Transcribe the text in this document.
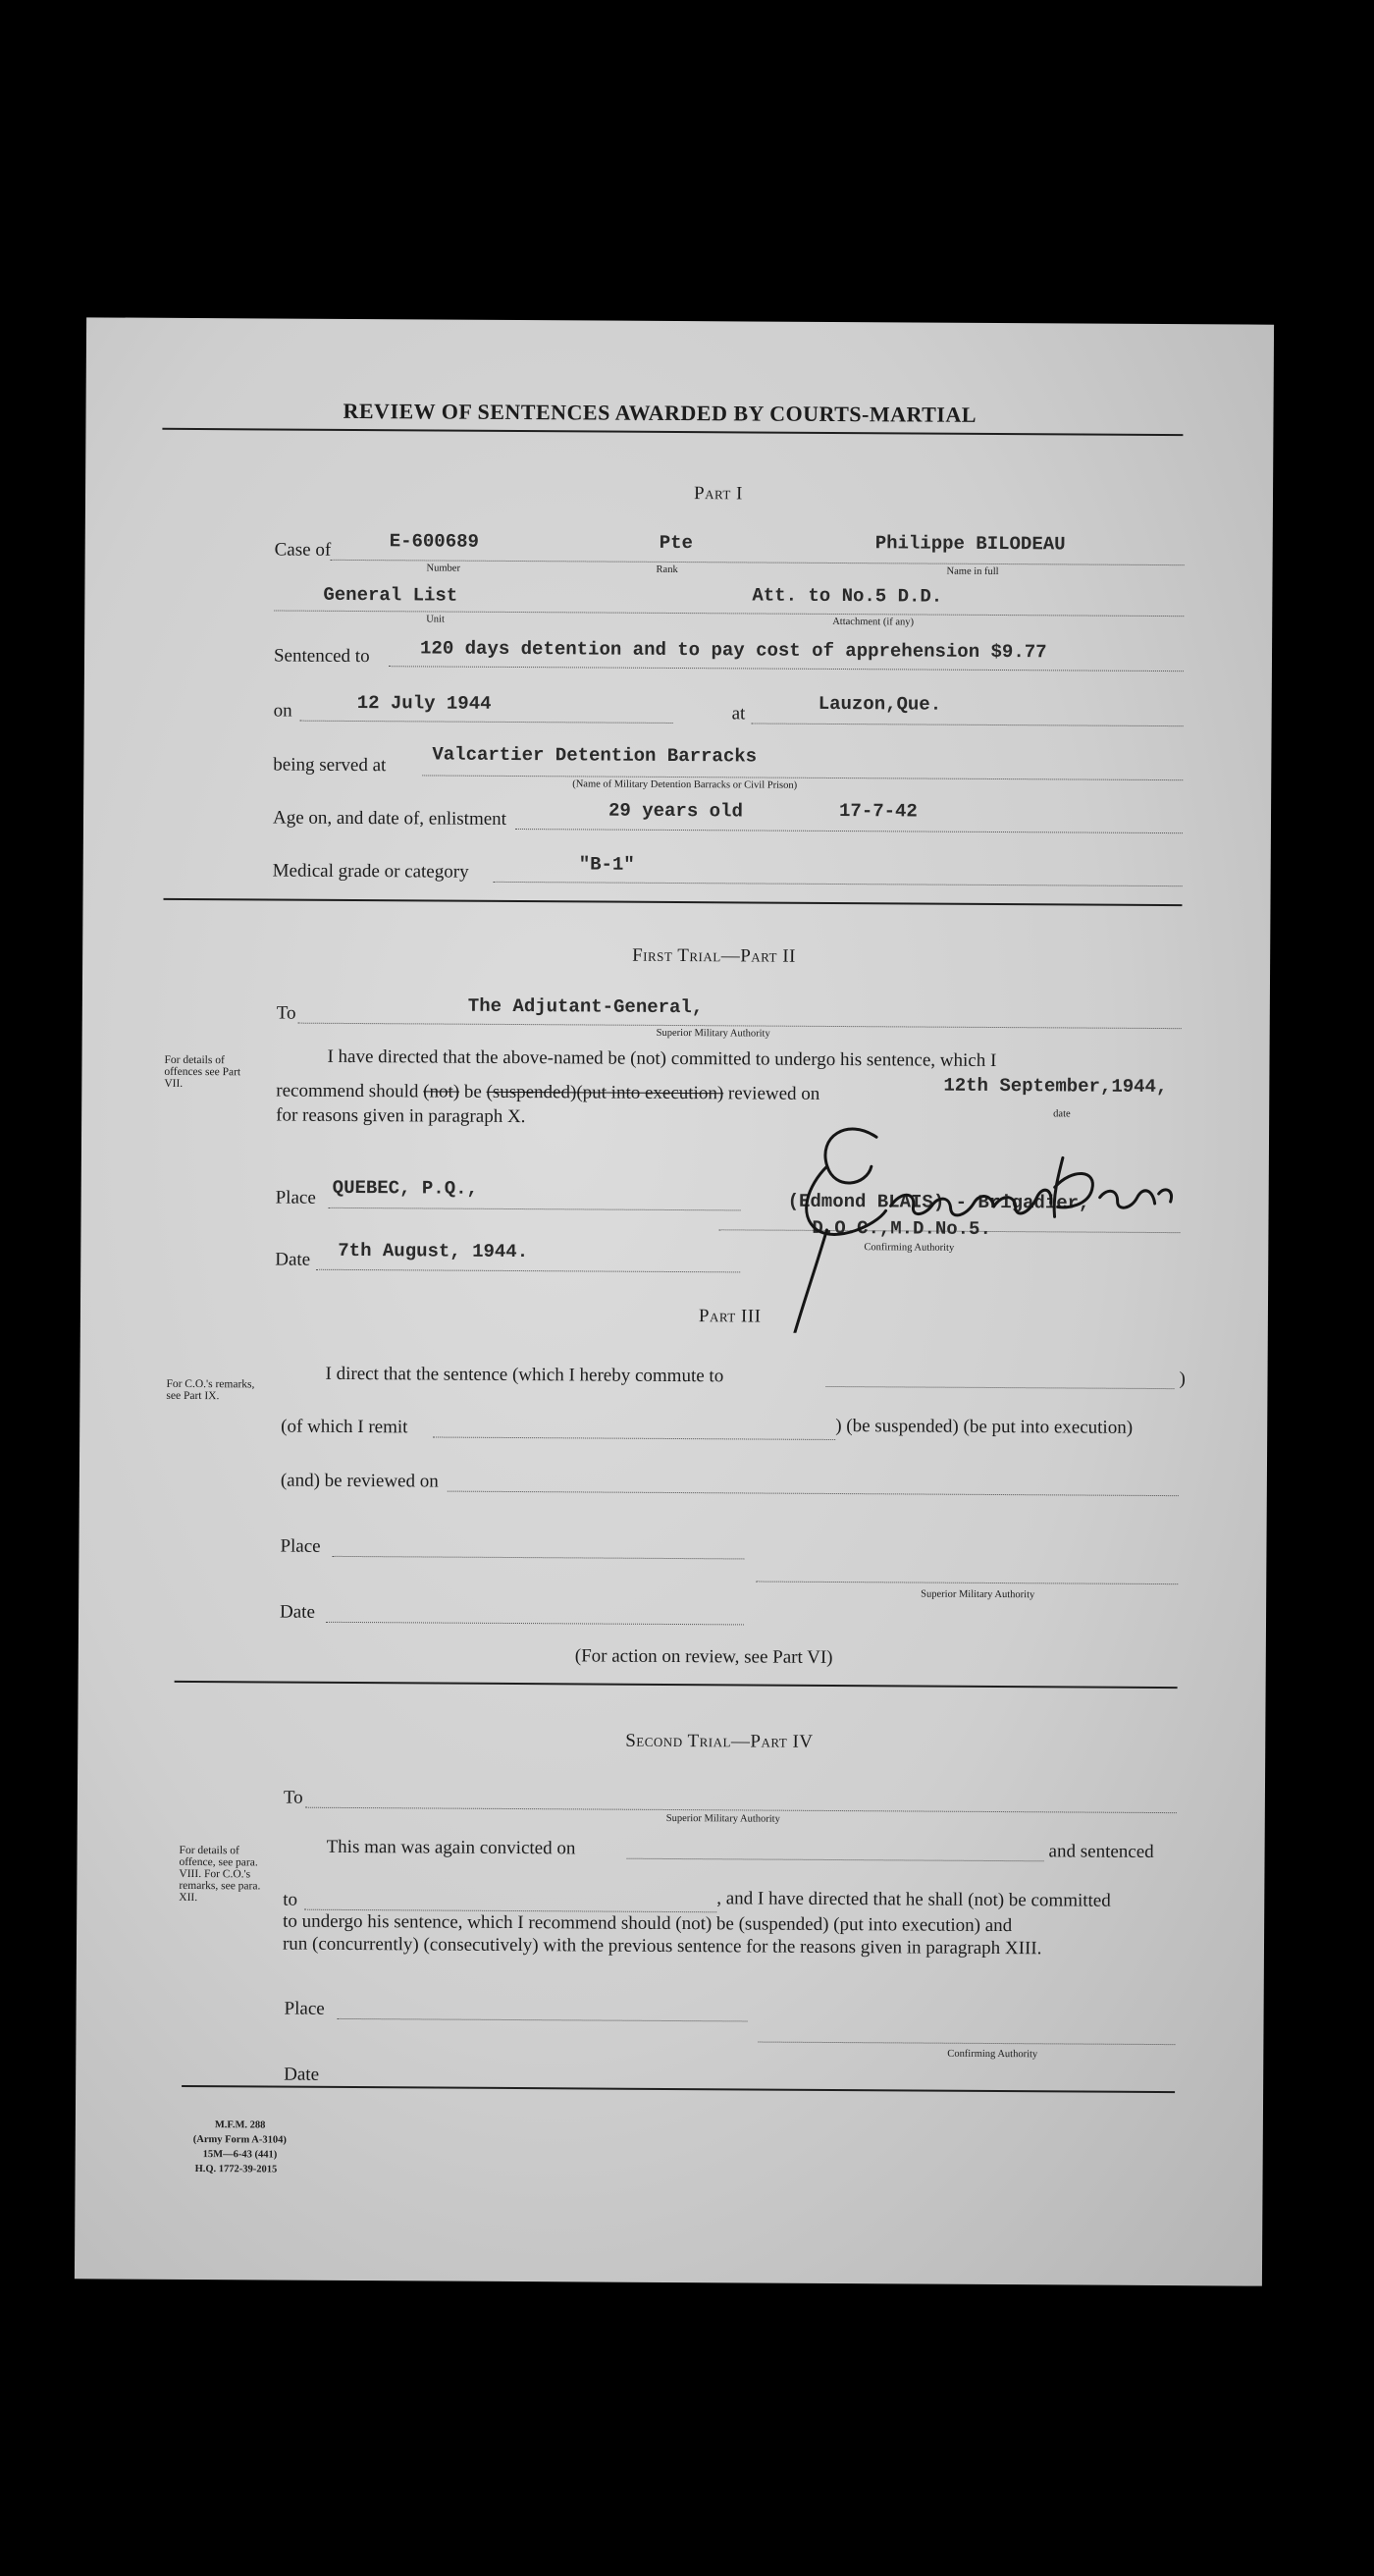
REVIEW OF SENTENCES AWARDED BY COURTS-MARTIAL
Part I
Case of	E-600689
Number
Pte
Rank
Philippe BILODEAU
Name in full
General List
Unit
Att. to No.5 D.D.
Attachment (if any)
Sentenced to	120 days detention and to pay cost of apprehension $9.77
on	12 July 1944	at	Lauzon,Que.
being served at Valcartier Detention Barracks
(Name of Military Detention Barracks or Civil Prison)
Age on, and date of, enlistment	29 years old	17-7-42
Medical grade or category	"B-1"
First Trial—Part II
For details of offences see Part VII.
To	The Adjutant-General,
Superior Military Authority
I have directed that the above-named be (not) committed to undergo his sentence, which I
recommend should (not) be (suspended)(put into execution) reviewed on	12th September,1944,
date
for reasons given in paragraph X.
Place QUEBEC, P.Q.,
(Edmond BLAIS) - Brigadier,
D.O.C.,M.D.No.5.
Confirming Authority
Date 7th August, 1944.
Part III
For C.O.'s remarks, see Part IX.
I direct that the sentence (which I hereby commute to	)
(of which I remit	) (be suspended) (be put into execution)
(and) be reviewed on
Place
Superior Military Authority
Date
(For action on review, see Part VI)
Second Trial—Part IV
For details of offence, see para. VIII. For C.O.'s remarks, see para. XII.
To
Superior Military Authority
This man was again convicted on	and sentenced
to	, and I have directed that he shall (not) be committed
to undergo his sentence, which I recommend should (not) be (suspended) (put into execution) and
run (concurrently) (consecutively) with the previous sentence for the reasons given in paragraph XIII.
Place
Confirming Authority
Date
M.F.M. 288
(Army Form A-3104)
15M—6-43 (441)
H.Q. 1772-39-2015
